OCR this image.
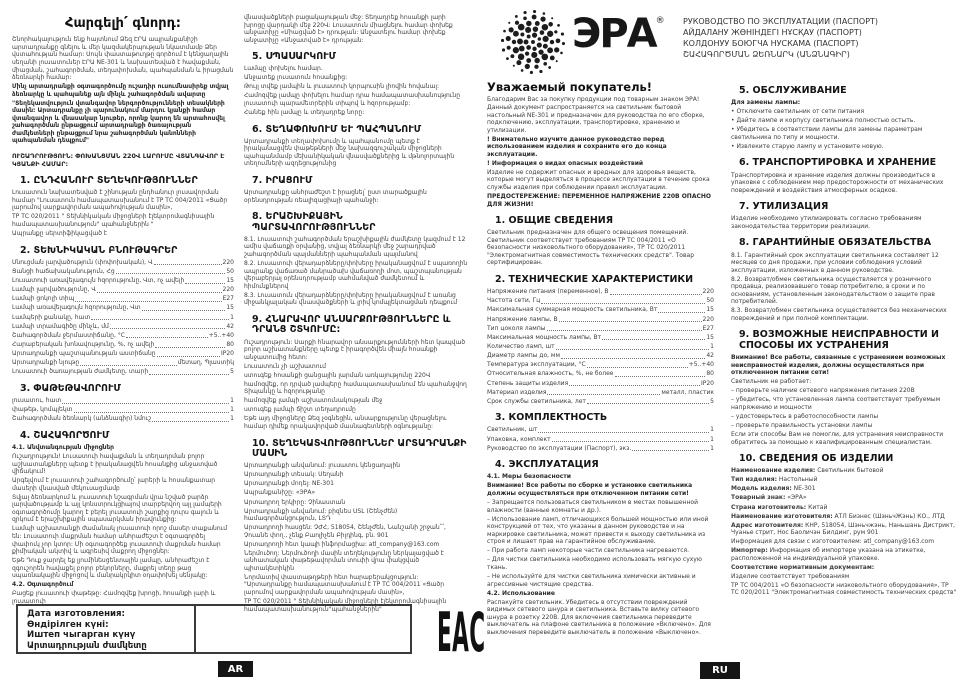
Հարգելի՛ գնորդ:

Շնորհակալություն ենք հայտնում Ձեզ ԷՐԱ ապրանքանիշի արտադրանքը գնելու և մեր կազմակերպության նկատմամբ Ձեր վստահության համար: Սույն փաստաթուղթը գործում է կենցաղային սեղանի լուսատուներ ԷՐԱ NE-301 և նախատեսված է հավաքման, միացման, շահագործման, տեղափոխման, պահպանման և իրացման ձեռնարկի համար:

Մինչ արտադրանքի օգտագործումը ուշադիր ուսումնասիրեք տվյալ ձեռնարկը և պահպանեք այն մինչև շահագործման ավարտը

"Տեղեկատվություն վտանգավոր ներգործությունների տեսակների մասին: Արտադրանքը չի պարունակում մարդու կյանքի համար վտանգավոր և վնասակար նյութեր, որոնք կարող են արտահոսվել շահագործման ընթացքում արտադրանքի ծառայության ժամկետների ընթացքում նրա շահագործման կանոնների պահպանման դեպքում"

ՈՒՇԱԴՐՈՒԹՅՈՒՆ: ՓՈԽԱՆՑՄԱՆ 220Վ ԼԱՐՈՒՄԸ ՎՏԱՆԳԱՎՈՐ Է ԿՅԱՆՔԻ ՀԱՄԱՐ:

1. ԸՆԴՀԱՆՈՒՐ ՏԵՂԵԿՈՒԹՅՈՒՆՆԵՐ

Լուսատուն նախատեսված է շինության ընդհանուր լուսավորման համար "Լուսատուն համապատասխանում է ТР ТС 004/2011 «Ցածր լարումով սարքավորման ապահովության մասին»,

ТР ТС 020/2011 " Տեխնիկական միջոցների էլեկտրոմագնիսային համապատասխանություն" պահանջներին "

Ապրանքը սերտիֆիկացված է

2. ՏԵԽՆԻԿԱԿԱՆ ԲՆՈՒԹԱԳՐԵՐ
Սնուցման լարվածություն (փոփոխական), Վ	220
Ցանցի հաճախականություն, Հց	50
Լուսատուի առավելագույն հզորությունը, Վտ, ոչ ավելի	15
Լամպի լարվածությունը, Վ	220
Լամպի ցոկոլի տիպ	E27
Լամպի առավելագույն հզորությունը, Վտ	15
Լամպերի քանակը, հատ	1
Լամպի տրամագիծը մինչև, մմ	42
Շահագործման ջերմաստիճանը, °С	+5..+40
Հարաբերական խոնավությունը, %, ոչ ավելի	80
Արտադրանքի պաշտպանության աստիճանը	IP20
Արտադրանքի նյութը	մետաղ, Պլաստիկ
Լուսատուի ծառայության ժամկետը, տարի	5
3. ՓԱԹԵԹԱՎՈՐՈՒՄ
լուսատու, հատ	1
փաթեթ, կոմպլեկտ	1
Շահագործման ձեռնարկ (անձնագիր) նմուշ	1
4. ՇԱՀԱԳՈՐԾՈՒՄ

4.1. Անվտանգության միջոցներ

Ուշադրություն! Լուսատուի հավաքման և տեղադրման բոլոր աշխատանքները պետք է իրականացվեն հոսանքից անջատված վիճակում!

Արգելվում է լուսատուի շահագործումը՝ լարերի և հոսանքատար մասերի վնասված մեկուսացմամբ

Տվյալ ձեռնարկում և լուսատուի նշագրման վրա նշված բարձր լարվածությամբ և այլ կոնստրուկցիայով տարբերվող այլ լամպերի օգտագործումը կարող է բերել լուսատուի շարքից դուրս գալուն և զրկում է երաշխիքային սպասարկման իրավունքից:

Լամպի աշխատանքի ժամանակ լուսատուի որոշ մասեր տաքանում են: Լուսատուի մաքրման համար անհրաժեշտ է օգտագործել փափուկ չոր կտոր: Մի օգտագործեք լուսատուի մաքրման համար քիմիական ակտիվ և ագրեսիվ մաքրող միջոցներ:

Եթե Դուք ջարդել եք լյումինեսցենտային լամպը, անհրաժեշտ է զգուշորեն հավաքել բոլոր բեկորները, մաքրել տեղը թաց սպառնակային միջոցով և մանրակրկիտ օդափոխել սենյակը:

4.2. Օգտագործում

Բացեք լուսատուի փաթեթը: Համոզվեք խրոցի, հոսանքի լարի և լուսատուի

վնասվածքների բացակայության մեջ: Տեղադրեք հոսանքի լարի խրոցը վարդակի մեջ 220Վ: Լուսատուն միացնելու համար փոխեք անջատիչը «Միացված է» դրության: Անջատելու համար փոխեք անջատիչը «Անջատված է» դրության:

5. ՍՊԱՍԱՐԿՈՒՄ

Լամպը փոխելու համար.

Անջատեք լուսատուն հոսանքից:

Թույլ տվեք լամպին և լուսատուի կորպուսին լիովին հովանալ:

Համոզվեք լամպը փոխելու համար դրա համապատասխանությունը լուսատուի պարամետրերին տիպով և հզորությամբ:

Հանեք հին լամպը և տեղադրեք նորը:

6. ՏԵՂԱՓՈԽՈՒՄ ԵՒ ՊԱՀՊԱՆՈՒՄ

Արտադրանքի տեղափոխումը և պահպանումը պետք է իրականացվեն փաթեթների մեջ նախազգուշական միջոցների պահպանմամբ մեխանիկական վնասվածքներից և մթնոլորտային տեղումների ազդեցությունից

7. ԻՐԱՑՈՒՄ

Արտադրանքը անհրաժեշտ է իրացնել՝ ըստ տարածքային օրենսդրության ռեալիզացիայի պահանջի:

8. ԵՐԱՇԽԻՔԱՅԻՆ ՊԱՐՏԱՎՈՐՈՒԹՅՈՒՆՆԵՐ

8.1. Լուսատուի շահագործման երաշխիքային ժամկետը կազմում է 12 ամիս վաճառքի օրվանից, տվյալ ձեռնարկի մեջ շարադրված շահագործման պայմանների պահպանման պայմանով

8.2. Լուսատուի վերադարձները/փոխերը իրականացվում է սպառողին ապրանք վաճառած մանրածախ վաճառողի մոտ, պաշտպանության վերաբերյալ օրենսդրությամբ սահմանված ժամկետում և հիմունքներով

8.3. Լուսատուն վերադարձները/փոխերը իրականացվում է առանց միջանկյալական վնասվածքների և լրիվ կոմպլեկտացման դեպքում

9. ՀՆԱՐԱՎՈՐ ԱՆՍԱՐՔՈՒԹՅՈՒՆՆԵՐԸ և ԴՐԱՆՑ ՇՏԿՈՒՄԸ:

Ուշադրություն: Սարքի հնարավոր անսարքությունների հետ կապված բոլոր աշխատանքները պետք է իրագործվեն միայն հոսանքի անջատումից հետո:

Լուսատուն չի աշխատում

ստուգեք հոսանքի ցանցային լարման առկայությունը 220Վ

համոզվեք, որ դրված լամպերը համապատասխանում են պահանջվող Տիպանկը և հզորությանը

համոզվեք լամպի աշխատունակության մեջ

ստուգեք լամպի ճիշտ տեղադրումը

Եթե այդ միջոցները Ձեզ չօգնեցին, անսարքությունը վերացնելու համար դիմեք որակավորված մասնագետների օգնությանը:

10. ՏԵՂԵԿԱՏՎՈՒԹՅՈՒՆՆԵՐ ԱՐՏԱԴՐԱՆՔԻ ՄԱՍԻՆ

Արտադրանքի անվանում: լուսատու կենցաղային

Արտադրանքի տեսակ: Սեղանի

Արտադրանքի մոդել: NE-301

Ապրանքանիշը: «ЭРА»

Արտադրող երկիրը: Չինաստան

Արտադրանքի անվանում: բիզնես USL (Շենչժեն) համագործակցություն, ԼՏԴ

Արտադրողի հասցեն: ՉԺՀ, 518054, Շենչժեն, Նանշանի շրջան՝՝՝, Չուանե փող., չենք Բաոլիչեն Բիլդինգ, բն. 901

Արտադրողի հետ կապի ինֆորմացիա: atl_company@163.com

Ներմուծող: Ներմուծողի մասին տեղեկությունը ներկայացված է անհատական փաթեթավորման տուփի վրա փակցված պիտակետիկին

Նորմատիվ փաստաթղթերի հետ հարաբերակցություն: "Արտադրանքը համապատասխանում է ТР ТС 004/2011 «Ցածր լարումով սարքավորման ապահովության մասին»,

ТР ТС 020/2011 " Տեխնիկական միջոցների էլեկտրոմագնիսային համապատասխանություն"պահանջներին"

ЭРА ® РУКОВОДСТВО ПО ЭКСПЛУАТАЦИИ (ПАСПОРТ)
АЙДАЛАНУ ЖӨНІНДЕГІ НҰСҚАУ (ПАСПОРТ)
КОЛДОНУУ БОЮГЧА НУСКАМА (ПАСПОРТ)
ՇԱՀԱԳՈՐԾՄԱՆ ՁԵՌՆԱՐԿ (ԱՆՁՆԱԳԻՐ)
Уважаемый покупатель!

Благодарим Вас за покупку продукции под товарным знаком ЭРА! Данный документ распространяется на светильник бытовой настольный NE-301 и предназначен для руководства по его сборке, подключению, эксплуатации, транспортировке, хранению и утилизации.

! Внимательно изучите данное руководство перед использованием изделия и сохраните его до конца эксплуатации.

! Информация о видах опасных воздействий

Изделие не содержит опасных и вредных для здоровья веществ, которые могут выделяться в процессе эксплуатации в течение срока службы изделия при соблюдении правил эксплуатации.

ПРЕДОСТЕРЕЖЕНИЕ: ПЕРЕМЕННОЕ НАПРЯЖЕНИЕ 220В ОПАСНО ДЛЯ ЖИЗНИ!

1. ОБЩИЕ СВЕДЕНИЯ

Светильник предназначен для общего освещения помещений. Светильник соответствует требованиям ТР ТС 004/2011 «О безопасности низковольтного оборудования», ТР ТС 020/2011 "Электромагнитная совместимость технических средств". Товар сертифицирован.

2. ТЕХНИЧЕСКИЕ ХАРАКТЕРИСТИКИ
Напряжение питания (переменное), В	220
Частота сети, Гц	50
Максимальная суммарная мощность светильника, Вт	15
Напряжение лампы, В	220
Тип цоколя лампы	Е27
Максимальная мощность лампы, Вт	15
Количество ламп, шт	1
Диаметр лампы до, мм	42
Температура эксплуатации, °С	+5..+40
Относительная влажность, %, не более	80
Степень защиты изделия	IP20
Материал изделия	металл, пластик
Срок службы светильника, лет	5
3. КОМПЛЕКТНОСТЬ
Светильник, шт	1
Упаковка, комплект	1
Руководство по эксплуатации (Паспорт), экз.	1
4. ЭКСПЛУАТАЦИЯ

4.1. Меры безопасности

Внимание! Все работы по сборке и установке светильника должны осуществляться при отключенном питании сети!

– Запрещается пользоваться светильником в местах повышенной влажности (ванные комнаты и др.).

– Использование ламп, отличающихся большей мощностью или иной конструкцией от тех, что указаны в данном руководстве и на маркировке светильника, может привести к выходу светильника из строя и лишает прав на гарантийное обслуживание.

– При работе ламп некоторые части светильника нагреваются.

– Для чистки светильника необходимо использовать мягкую сухую ткань.

– Не используйте для чистки светильника химически активные и агрессивные чистящие средства.

4.2. Использование

Распакуйте светильник. Убедитесь в отсутствии повреждений видимых сетевого шнура и светильника. Вставьте вилку сетевого шнура в розетку 220В. Для включения светильника переведите выключатель на плафоне светильника в положение «Включено». Для выключения переведите выключатель в положение «Выключено».

5. ОБСЛУЖИВАНИЕ

Для замены лампы:

• Отключите светильник от сети питания

• Дайте лампе и корпусу светильника полностью остыть.

• Убедитесь в соответствии лампы для замены параметрам светильника по типу и мощности.

• Извлеките старую лампу и установите новую.

6. ТРАНСПОРТИРОВКА И ХРАНЕНИЕ

Транспортировка и хранение изделия должны производиться в упаковке с соблюдением мер предосторожности от механических повреждений и воздействия атмосферных осадков.

7. УТИЛИЗАЦИЯ

Изделие необходимо утилизировать согласно требованиям законодательства территории реализации.

8. ГАРАНТИЙНЫЕ ОБЯЗАТЕЛЬСТВА

8.1. Гарантийный срок эксплуатации светильника составляет 12 месяцев со дня продажи, при условии соблюдения условий эксплуатации, изложенных в данном руководстве.

8.2. Возврат/обмен светильника осуществляется у розничного продавца, реализовавшего товар потребителю, в сроки и по основаниям, установленным законодательством о защите прав потребителей.

8.3. Возврат/обмен светильника осуществляется без механических повреждений и при полной комплектации.

9. ВОЗМОЖНЫЕ НЕИСПРАВНОСТИ И СПОСОБЫ ИХ УСТРАНЕНИЯ

Внимание! Все работы, связанные с устранением возможных неисправностей изделия, должны осуществляться при отключенном питании сети!

Светильник не работает:

– проверьте наличие сетевого напряжения питания 220В

– убедитесь, что установленная лампа соответствует требуемым напряжению и мощности

– удостоверьтесь в работоспособности лампы

– проверьте правильность установки лампы

Если эти способы Вам не помогли, для устранения неисправности обратитесь за помощью к квалифицированным специалистам.

10. СВЕДЕНИЯ ОБ ИЗДЕЛИИ

Наименование изделия: Светильник бытовой

Тип изделия: Настольный

Модель изделия: NE-301

Товарный знак: «ЭРА»

Страна изготовитель: Китай

Наименование изготовителя: АТЛ Бизнес (ШэньчЖэнь) КО., ЛТД

Адрес изготовителя: КНР, 518054, Шэньчжэнь, Наньшань Дистрикт, Чуанье стрит, Нос Баоличэн Билдинг, рум 901

Информация для связи с изготовителем: atl_company@163.com

Импортер: Информация об импортере указана на этикетке, расположенной на индивидуальной упаковке.

Соответствие нормативным документам:

Изделие соответствует требованиям

ТР ТС 004/2011 «О безопасности низковольтного оборудования», ТР ТС 020/2011 "Электромагнитная совместимость технических средств"

Дата изготовления:
Өндірілген күні:
Иштеп чыгарган күнү
Արտադրության ժամկետը	ЕАС
AR	RU
